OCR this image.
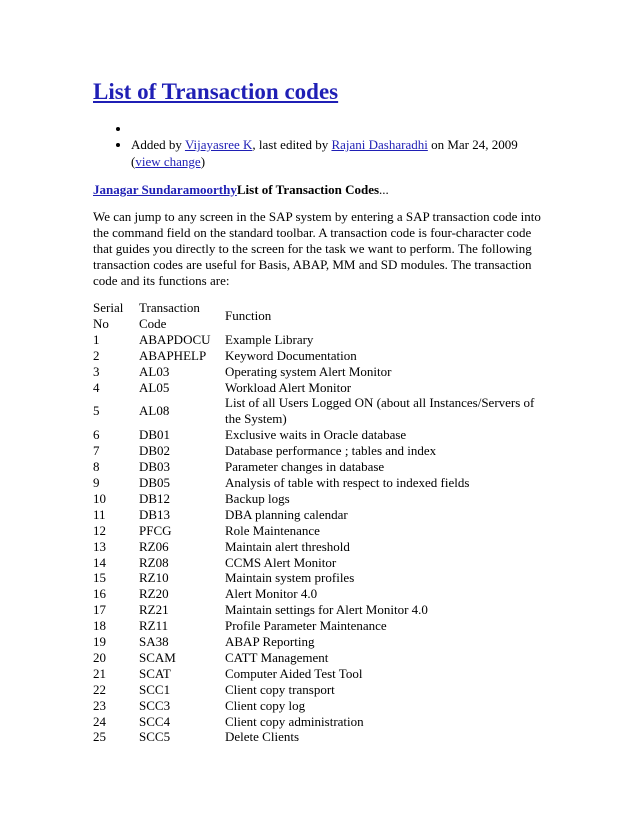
List of Transaction codes
•
• Added by Vijayasree K, last edited by Rajani Dasharadhi on Mar 24, 2009 (view change)
Janagar SundaramoorthyList of Transaction Codes...
We can jump to any screen in the SAP system by entering a SAP transaction code into the command field on the standard toolbar. A transaction code is four-character code that guides you directly to the screen for the task we want to perform. The following transaction codes are useful for Basis, ABAP, MM and SD modules. The transaction code and its functions are:
Serial No	Transaction Code	Function
1	ABAPDOCU	Example Library
2	ABAPHELP	Keyword Documentation
3	AL03	Operating system Alert Monitor
4	AL05	Workload Alert Monitor
5	AL08	List of all Users Logged ON (about all Instances/Servers of the System)
6	DB01	Exclusive waits in Oracle database
7	DB02	Database performance ; tables and index
8	DB03	Parameter changes in database
9	DB05	Analysis of table with respect to indexed fields
10	DB12	Backup logs
11	DB13	DBA planning calendar
12	PFCG	Role Maintenance
13	RZ06	Maintain alert threshold
14	RZ08	CCMS Alert Monitor
15	RZ10	Maintain system profiles
16	RZ20	Alert Monitor 4.0
17	RZ21	Maintain settings for Alert Monitor 4.0
18	RZ11	Profile Parameter Maintenance
19	SA38	ABAP Reporting
20	SCAM	CATT Management
21	SCAT	Computer Aided Test Tool
22	SCC1	Client copy transport
23	SCC3	Client copy log
24	SCC4	Client copy administration
25	SCC5	Delete Clients
